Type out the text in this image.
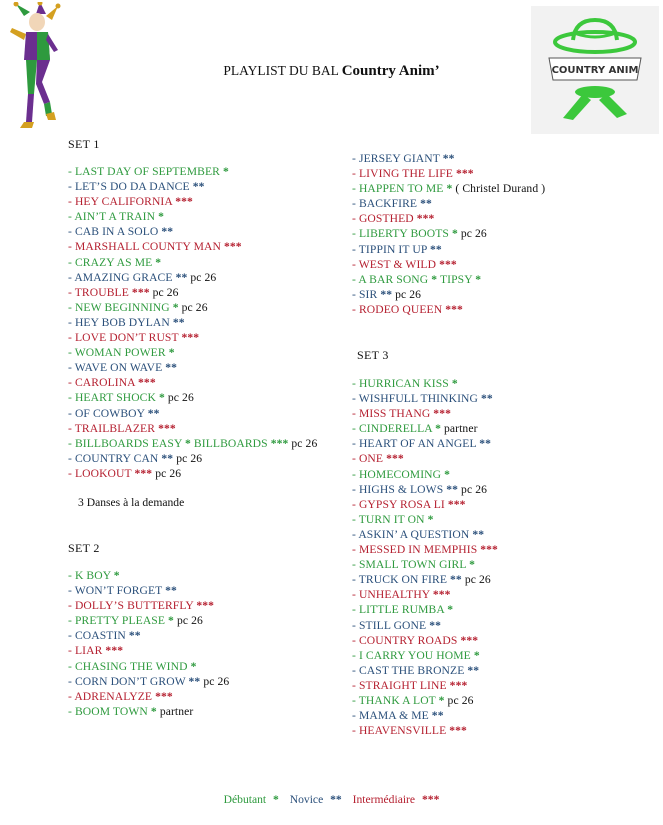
COUNTRY ANIM
PLAYLIST DU BAL Country Anim’
SET 1
- LAST DAY OF SEPTEMBER *
- LET’S DO DA DANCE **
- HEY CALIFORNIA ***
- AIN’T A TRAIN *
- CAB IN A SOLO **
- MARSHALL COUNTY MAN ***
- CRAZY AS ME *
- AMAZING GRACE ** pc 26
- TROUBLE *** pc 26
- NEW BEGINNING * pc 26
- HEY BOB DYLAN **
- LOVE DON’T RUST ***
- WOMAN POWER *
- WAVE ON WAVE **
- CAROLINA ***
- HEART SHOCK * pc 26
- OF COWBOY **
- TRAILBLAZER ***
- BILLBOARDS EASY * BILLBOARDS *** pc 26
- COUNTRY CAN ** pc 26
- LOOKOUT *** pc 26
- JERSEY GIANT **
- LIVING THE LIFE ***
- HAPPEN TO ME * ( Christel Durand )
- BACKFIRE **
- GOSTHED ***
- LIBERTY BOOTS * pc 26
- TIPPIN IT UP **
- WEST & WILD ***
- A BAR SONG * TIPSY *
- SIR ** pc 26
- RODEO QUEEN ***
3 Danses à la demande
SET 2
- K BOY *
- WON’T FORGET **
- DOLLY’S BUTTERFLY ***
- PRETTY PLEASE * pc 26
- COASTIN **
- LIAR ***
- CHASING THE WIND *
- CORN DON’T GROW ** pc 26
- ADRENALYZE ***
- BOOM TOWN * partner
SET 3
- HURRICAN KISS *
- WISHFULL THINKING **
- MISS THANG ***
- CINDERELLA * partner
- HEART OF AN ANGEL **
- ONE ***
- HOMECOMING *
- HIGHS & LOWS ** pc 26
- GYPSY ROSA LI ***
- TURN IT ON *
- ASKIN’ A QUESTION **
- MESSED IN MEMPHIS ***
- SMALL TOWN GIRL *
- TRUCK ON FIRE ** pc 26
- UNHEALTHY ***
- LITTLE RUMBA *
- STILL GONE **
- COUNTRY ROADS ***
- I CARRY YOU HOME *
- CAST THE BRONZE **
- STRAIGHT LINE ***
- THANK A LOT * pc 26
- MAMA & ME **
- HEAVENSVILLE ***
Débutant * Novice ** Intermédiaire ***
